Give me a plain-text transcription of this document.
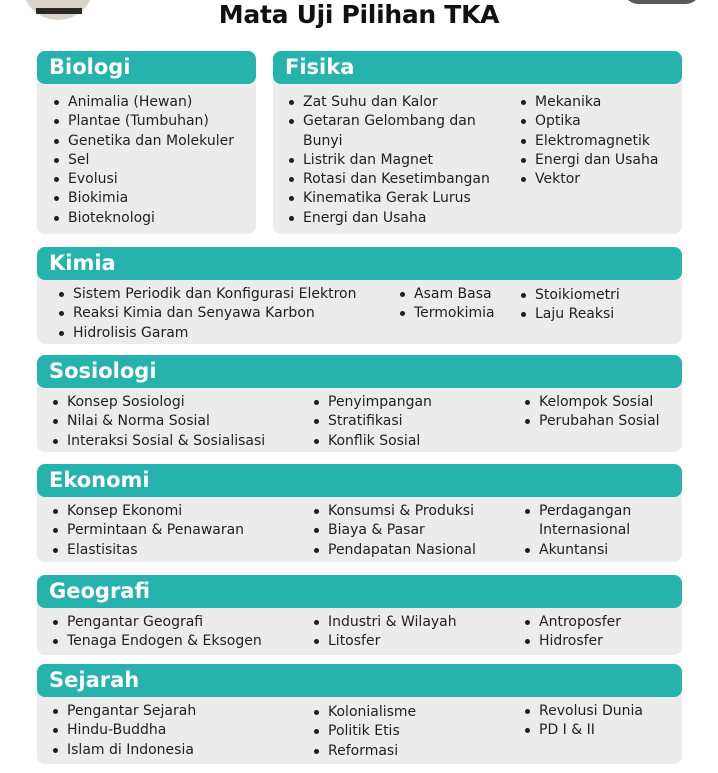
Mata Uji Pilihan TKA
Biologi
Animalia (Hewan)
Plantae (Tumbuhan)
Genetika dan Molekuler
Sel
Evolusi
Biokimia
Bioteknologi
Fisika
Zat Suhu dan Kalor
Getaran Gelombang dan
Bunyi
Listrik dan Magnet
Rotasi dan Kesetimbangan
Kinematika Gerak Lurus
Energi dan Usaha
Mekanika
Optika
Elektromagnetik
Energi dan Usaha
Vektor
Kimia
Sistem Periodik dan Konfigurasi Elektron
Reaksi Kimia dan Senyawa Karbon
Hidrolisis Garam
Asam Basa
Termokimia
Stoikiometri
Laju Reaksi
Sosiologi
Konsep Sosiologi
Nilai & Norma Sosial
Interaksi Sosial & Sosialisasi
Penyimpangan
Stratifikasi
Konflik Sosial
Kelompok Sosial
Perubahan Sosial
Ekonomi
Konsep Ekonomi
Permintaan & Penawaran
Elastisitas
Konsumsi & Produksi
Biaya & Pasar
Pendapatan Nasional
Perdagangan
Internasional
Akuntansi
Geografi
Pengantar Geografi
Tenaga Endogen & Eksogen
Industri & Wilayah
Litosfer
Antroposfer
Hidrosfer
Sejarah
Pengantar Sejarah
Hindu-Buddha
Islam di Indonesia
Kolonialisme
Politik Etis
Reformasi
Revolusi Dunia
PD I & II
